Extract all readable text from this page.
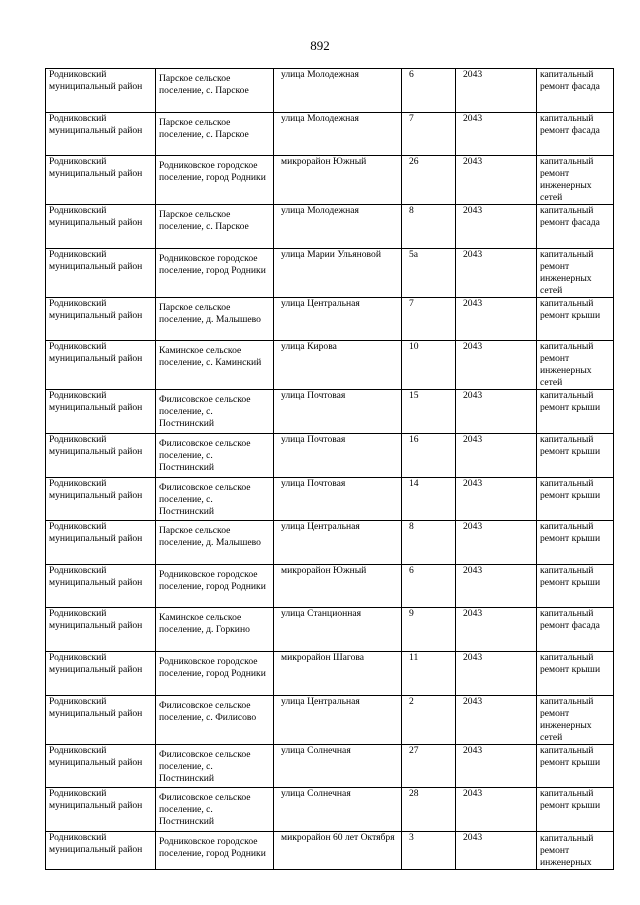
892
Родниковский муниципальный район	Парское сельское поселение, с. Парское	улица Молодежная	6	2043	капитальный ремонт фасада
Родниковский муниципальный район	Парское сельское поселение, с. Парское	улица Молодежная	7	2043	капитальный ремонт фасада
Родниковский муниципальный район	Родниковское городское поселение, город Родники	микрорайон Южный	26	2043	капитальный ремонт инженерных сетей
Родниковский муниципальный район	Парское сельское поселение, с. Парское	улица Молодежная	8	2043	капитальный ремонт фасада
Родниковский муниципальный район	Родниковское городское поселение, город Родники	улица Марии Ульяновой	5а	2043	капитальный ремонт инженерных сетей
Родниковский муниципальный район	Парское сельское поселение, д. Малышево	улица Центральная	7	2043	капитальный ремонт крыши
Родниковский муниципальный район	Каминское сельское поселение, с. Каминский	улица Кирова	10	2043	капитальный ремонт инженерных сетей
Родниковский муниципальный район	Филисовское сельское поселение, с. Постнинский	улица Почтовая	15	2043	капитальный ремонт крыши
Родниковский муниципальный район	Филисовское сельское поселение, с. Постнинский	улица Почтовая	16	2043	капитальный ремонт крыши
Родниковский муниципальный район	Филисовское сельское поселение, с. Постнинский	улица Почтовая	14	2043	капитальный ремонт крыши
Родниковский муниципальный район	Парское сельское поселение, д. Малышево	улица Центральная	8	2043	капитальный ремонт крыши
Родниковский муниципальный район	Родниковское городское поселение, город Родники	микрорайон Южный	6	2043	капитальный ремонт крыши
Родниковский муниципальный район	Каминское сельское поселение, д. Горкино	улица Станционная	9	2043	капитальный ремонт фасада
Родниковский муниципальный район	Родниковское городское поселение, город Родники	микрорайон Шагова	11	2043	капитальный ремонт крыши
Родниковский муниципальный район	Филисовское сельское поселение, с. Филисово	улица Центральная	2	2043	капитальный ремонт инженерных сетей
Родниковский муниципальный район	Филисовское сельское поселение, с. Постнинский	улица Солнечная	27	2043	капитальный ремонт крыши
Родниковский муниципальный район	Филисовское сельское поселение, с. Постнинский	улица Солнечная	28	2043	капитальный ремонт крыши
Родниковский муниципальный район	Родниковское городское поселение, город Родники	микрорайон 60 лет Октября	3	2043	капитальный ремонт инженерных
